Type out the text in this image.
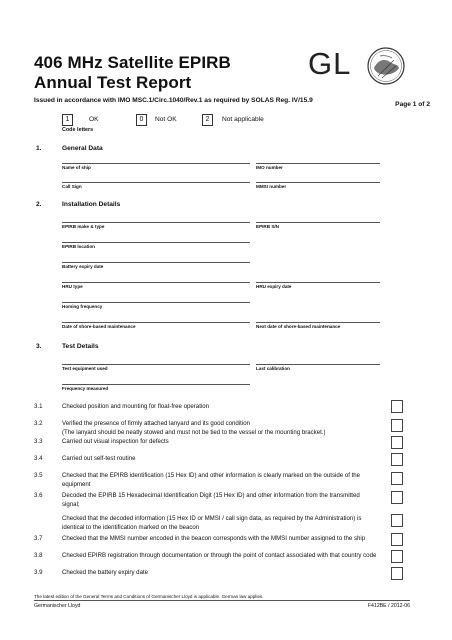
406 MHz Satellite EPIRB
Annual Test Report
GL
Issued in accordance with IMO MSC.1/Circ.1040/Rev.1 as required by SOLAS Reg. IV/15.9
Page 1 of 2
1	OK	0	Not OK	2	Not applicable
Code letters
1.	General Data
Name of ship	IMO number
Call Sign	MMSI number
2.	Installation Details
EPIRB make & type	EPIRB S/N
EPIRB location
Battery expiry date
HRU type	HRU expiry date
Homing frequency
Date of shore-based maintenance	Next date of shore-based maintenance
3.	Test Details
Test equipment used	Last calibration
Frequency measured
3.1	Checked position and mounting for float-free operation
3.2	Verified the presence of firmly attached lanyard and its good condition
(The lanyard should be neatly stowed and must not be tied to the vessel or the mounting bracket.)
3.3	Carried out visual inspection for defects
3.4	Carried out self-test routine
3.5	Checked that the EPIRB identification (15 Hex ID) and other information is clearly marked on the outside of the
equipment
3.6	Decoded the EPIRB 15 Hexadecimal Identification Digit (15 Hex ID) and other information from the transmitted
signal;
Checked that the decoded information (15 Hex ID or MMSI / call sign data, as required by the Administration) is
identical to the identification marked on the beacon
3.7	Checked that the MMSI number encoded in the beacon corresponds with the MMSI number assigned to the ship
3.8	Checked EPIRB registration through documentation or through the point of contact associated with that country code
3.9	Checked the battery expiry date
The latest edition of the General Terms and Conditions of Germanischer Lloyd is applicable. German law applies.
Germanischer Lloyd	F412BE / 2012-06
